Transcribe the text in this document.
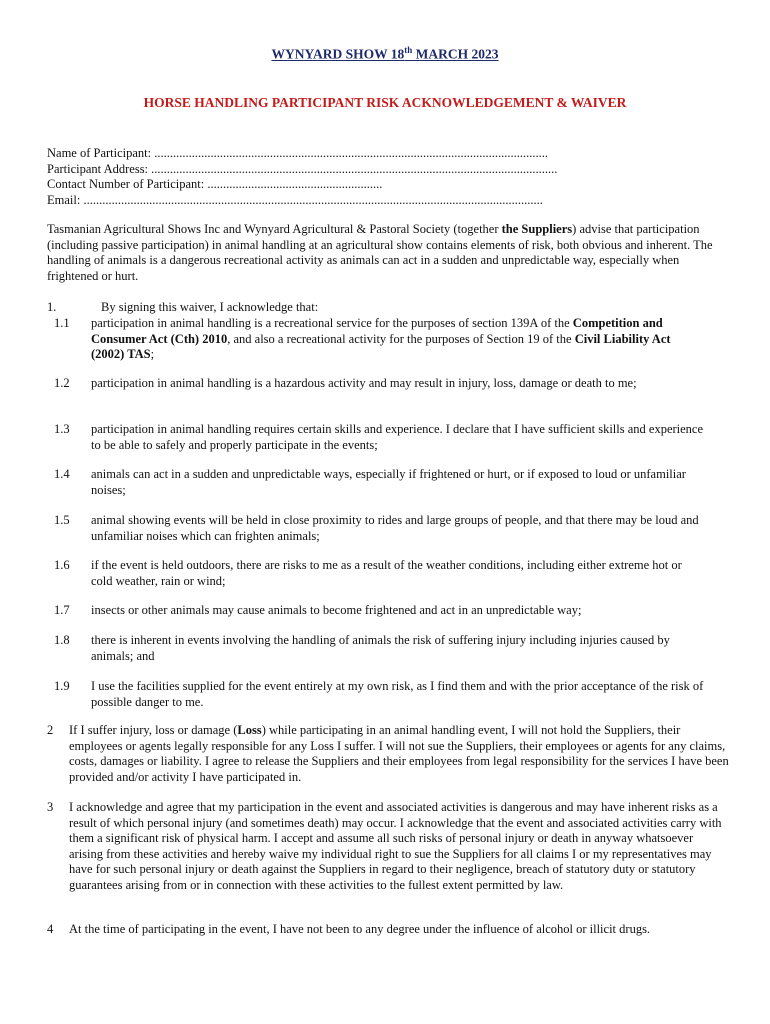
WYNYARD SHOW 18th MARCH 2023
HORSE HANDLING PARTICIPANT RISK ACKNOWLEDGEMENT & WAIVER
Name of Participant: ..............................................................................................................................
Participant Address: ..................................................................................................................................
Contact Number of Participant: ........................................................
Email: ...................................................................................................................................................
Tasmanian Agricultural Shows Inc and Wynyard Agricultural & Pastoral Society (together the Suppliers) advise that participation (including passive participation) in animal handling at an agricultural show contains elements of risk, both obvious and inherent. The handling of animals is a dangerous recreational activity as animals can act in a sudden and unpredictable way, especially when frightened or hurt.
1.	By signing this waiver, I acknowledge that:
1.1 participation in animal handling is a recreational service for the purposes of section 139A of the Competition and Consumer Act (Cth) 2010, and also a recreational activity for the purposes of Section 19 of the Civil Liability Act (2002) TAS;
1.2 participation in animal handling is a hazardous activity and may result in injury, loss, damage or death to me;
1.3 participation in animal handling requires certain skills and experience. I declare that I have sufficient skills and experience to be able to safely and properly participate in the events;
1.4 animals can act in a sudden and unpredictable ways, especially if frightened or hurt, or if exposed to loud or unfamiliar noises;
1.5 animal showing events will be held in close proximity to rides and large groups of people, and that there may be loud and unfamiliar noises which can frighten animals;
1.6 if the event is held outdoors, there are risks to me as a result of the weather conditions, including either extreme hot or cold weather, rain or wind;
1.7 insects or other animals may cause animals to become frightened and act in an unpredictable way;
1.8 there is inherent in events involving the handling of animals the risk of suffering injury including injuries caused by animals; and
1.9 I use the facilities supplied for the event entirely at my own risk, as I find them and with the prior acceptance of the risk of possible danger to me.
2 If I suffer injury, loss or damage (Loss) while participating in an animal handling event, I will not hold the Suppliers, their employees or agents legally responsible for any Loss I suffer. I will not sue the Suppliers, their employees or agents for any claims, costs, damages or liability. I agree to release the Suppliers and their employees from legal responsibility for the services I have been provided and/or activity I have participated in.
3 I acknowledge and agree that my participation in the event and associated activities is dangerous and may have inherent risks as a result of which personal injury (and sometimes death) may occur. I acknowledge that the event and associated activities carry with them a significant risk of physical harm. I accept and assume all such risks of personal injury or death in anyway whatsoever arising from these activities and hereby waive my individual right to sue the Suppliers for all claims I or my representatives may have for such personal injury or death against the Suppliers in regard to their negligence, breach of statutory duty or statutory guarantees arising from or in connection with these activities to the fullest extent permitted by law.
4 At the time of participating in the event, I have not been to any degree under the influence of alcohol or illicit drugs.
